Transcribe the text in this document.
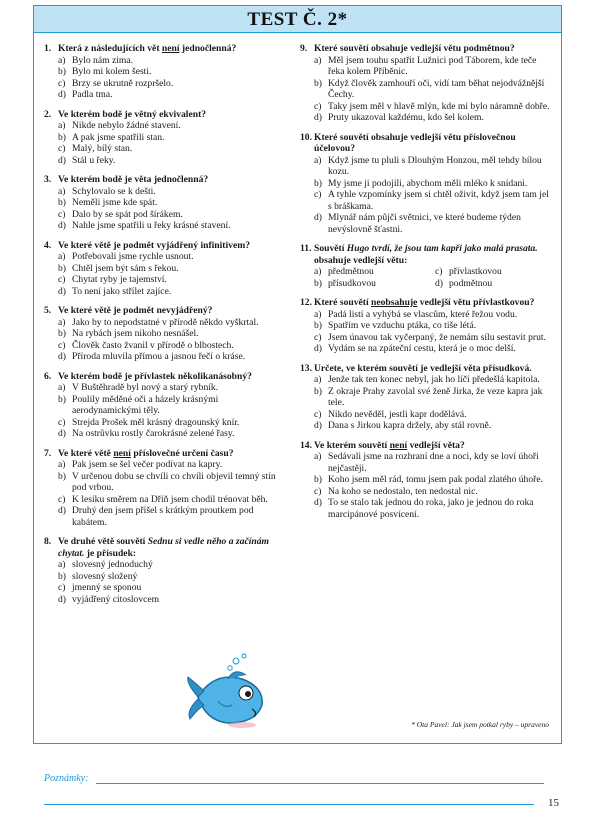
TEST Č. 2*
1. Která z následujících vět není jednočlenná?
a) Bylo nám zima.
b) Bylo mi kolem šesti.
c) Brzy se ukrutně rozpršelo.
d) Padla tma.
2. Ve kterém bodě je větný ekvivalent?
a) Nikde nebylo žádné stavení.
b) A pak jsme spatřili stan.
c) Malý, bílý stan.
d) Stál u řeky.
3. Ve kterém bodě je věta jednočlenná?
a) Schylovalo se k dešti.
b) Neměli jsme kde spát.
c) Dalo by se spát pod šírákem.
d) Nahle jsme spatřili u řeky krásné stavení.
4. Ve které větě je podmět vyjádřený infinitivem?
a) Potřebovali jsme rychle usnout.
b) Chtěl jsem být sám s řekou.
c) Chytat ryby je tajemství.
d) To není jako střílet zajíce.
5. Ve které větě je podmět nevyjádřený?
a) Jako by to nepodstatné v přírodě někdo vyškrtal.
b) Na rybách jsem nikoho nesnášel.
c) Člověk často žvanil v přírodě o blbostech.
d) Příroda mluvila přímou a jasnou řečí o kráse.
6. Ve kterém bodě je přívlastek několikanásobný?
a) V Buštěhradě byl nový a starý rybník.
b) Poulily měděné oči a házely krásnými aerodynamickými těly.
c) Strejda Prošek měl krásný dragounský knír.
d) Na ostrůvku rostly čarokrásné zelené řasy.
7. Ve které větě není příslovečné určení času?
a) Pak jsem se šel večer podívat na kapry.
b) V určenou dobu se chvíli co chvíli objevil temný stín pod vrbou.
c) K lesíku směrem na Dříň jsem chodil trénovat běh.
d) Druhý den jsem přišel s krátkým proutkem pod kabátem.
8. Ve druhé větě souvětí Sednu si vedle něho a začínám chytat. je přísudek:
a) slovesný jednoduchý
b) slovesný složený
c) jmenný se sponou
d) vyjádřený citoslovcem
9. Které souvětí obsahuje vedlejší větu podmětnou?
a) Měl jsem touhu spatřit Lužnici pod Táborem, kde teče řeka kolem Příběnic.
b) Když člověk zamhouří oči, vidí tam běhat nejodvážnější Čechy.
c) Taky jsem měl v hlavě mlýn, kde mi bylo náramně dobře.
d) Pruty ukazoval každému, kdo šel kolem.
10. Které souvětí obsahuje vedlejší větu příslovečnou účelovou?
a) Když jsme tu pluli s Dlouhým Honzou, měl tehdy bílou kozu.
b) My jsme ji podojili, abychom měli mléko k snídani.
c) A tyhle vzpomínky jsem si chtěl oživit, když jsem tam jel s bráškama.
d) Mlynář nám půjčí světnici, ve které budeme týden nevýslovně šťastni.
11. Souvětí Hugo tvrdí, že jsou tam kapři jako malá prasata. obsahuje vedlejší větu:
a) předmětnou	c) přívlastkovou
b) přísudkovou	d) podmětnou
12. Které souvětí neobsahuje vedlejší větu přívlastkovou?
a) Padá listí a vyhýbá se vlascům, které řežou vodu.
b) Spatřím ve vzduchu ptáka, co tiše létá.
c) Jsem únavou tak vyčerpaný, že nemám sílu sestavit prut.
d) Vydám se na zpáteční cestu, která je o moc delší.
13. Určete, ve kterém souvětí je vedlejší věta přísudková.
a) Jenže tak ten konec nebyl, jak ho líčí předešlá kapitola.
b) Z okraje Prahy zavolal své ženě Jirka, že veze kapra jak tele.
c) Nikdo nevěděl, jestli kapr dodělává.
d) Dana s Jirkou kapra držely, aby stál rovně.
14. Ve kterém souvětí není vedlejší věta?
a) Sedávali jsme na rozhraní dne a noci, kdy se loví úhoři nejčastěji.
b) Koho jsem měl rád, tomu jsem pak podal zlatého úhoře.
c) Na koho se nedostalo, ten nedostal nic.
d) To se stalo tak jednou do roka, jako je jednou do roka marcipánové posvícení.
* Ota Pavel: Jak jsem potkal ryby – upraveno
Poznámky:
15
